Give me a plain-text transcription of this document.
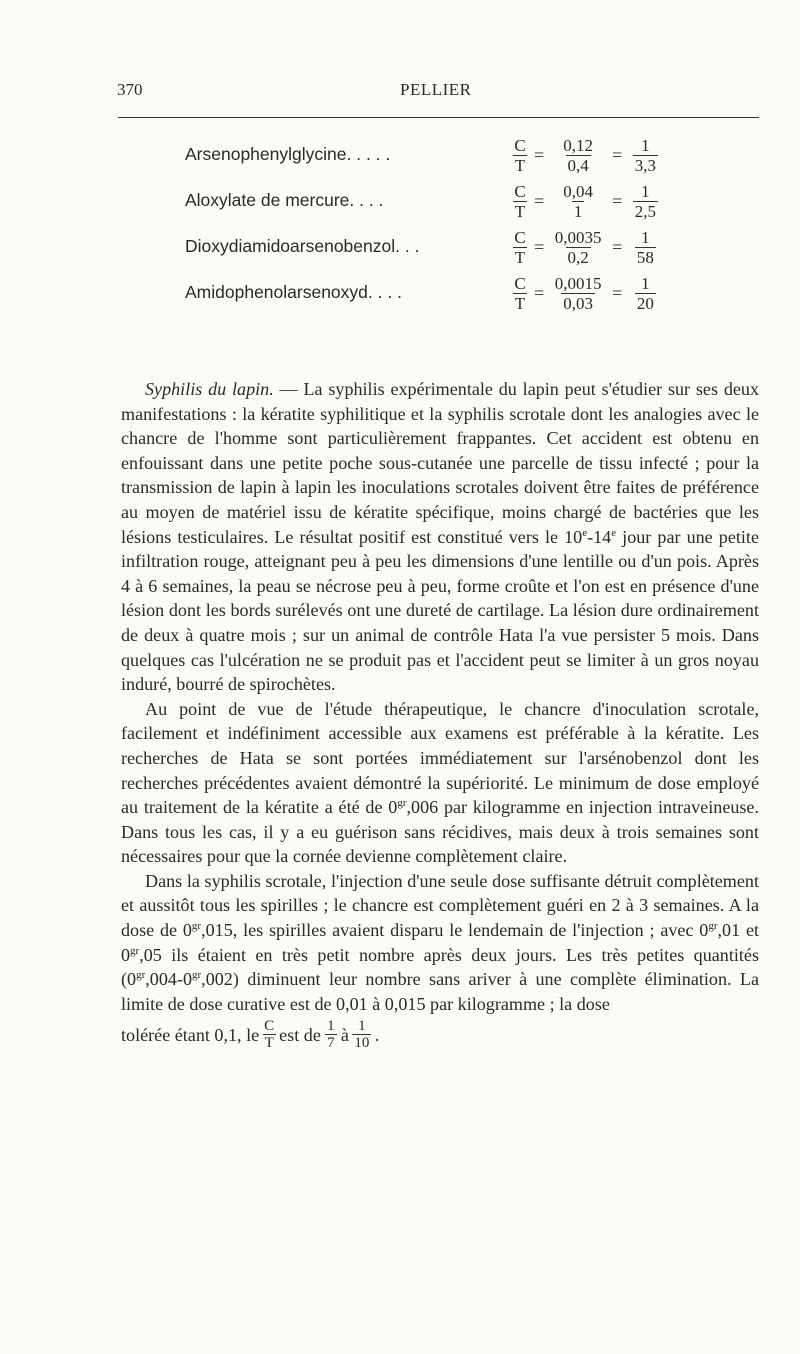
370	PELLIER
Arsenophenylglycine. . . . .	$\frac{C}{T} = \frac{0,12}{0,4} = \frac{1}{3,3}$
Aloxylate de mercure. . . .	$\frac{C}{T} = \frac{0,04}{1} = \frac{1}{2,5}$
Dioxydiamidoarsenobenzol. . .	$\frac{C}{T} = \frac{0,0035}{0,2} = \frac{1}{58}$
Amidophenolarsenoxyd. . . .	$\frac{C}{T} = \frac{0,0015}{0,03} = \frac{1}{20}$

Syphilis du lapin. — La syphilis expérimentale du lapin peut s'étudier sur ses deux manifestations : la kératite syphilitique et la syphilis scrotale dont les analogies avec le chancre de l'homme sont particulièrement frappantes. Cet accident est obtenu en enfouissant dans une petite poche sous-cutanée une parcelle de tissu infecté ; pour la transmission de lapin à lapin les inoculations scrotales doivent être faites de préférence au moyen de matériel issu de kératite spécifique, moins chargé de bactéries que les lésions testiculaires. Le résultat positif est constitué vers le 10e-14e jour par une petite infiltration rouge, atteignant peu à peu les dimensions d'une lentille ou d'un pois. Après 4 à 6 semaines, la peau se nécrose peu à peu, forme croûte et l'on est en présence d'une lésion dont les bords surélevés ont une dureté de cartilage. La lésion dure ordinairement de deux à quatre mois ; sur un animal de contrôle Hata l'a vue persister 5 mois. Dans quelques cas l'ulcération ne se produit pas et l'accident peut se limiter à un gros noyau induré, bourré de spirochètes.

Au point de vue de l'étude thérapeutique, le chancre d'inoculation scrotale, facilement et indéfiniment accessible aux examens est préférable à la kératite. Les recherches de Hata se sont portées immédiatement sur l'arsénobenzol dont les recherches précédentes avaient démontré la supériorité. Le minimum de dose employé au traitement de la kératite a été de $0^{gr},006$ par kilogramme en injection intraveineuse. Dans tous les cas, il y a eu guérison sans récidives, mais deux à trois semaines sont nécessaires pour que la cornée devienne complètement claire.

Dans la syphilis scrotale, l'injection d'une seule dose suffisante détruit complètement et aussitôt tous les spirilles ; le chancre est complètement guéri en 2 à 3 semaines. A la dose de $0^{gr},015$, les spirilles avaient disparu le lendemain de l'injection ; avec $0^{gr},01$ et $0^{gr},05$ ils étaient en très petit nombre après deux jours. Les très petites quantités $(0^{gr},004-0^{gr},002)$ diminuent leur nombre sans ariver à une complète élimination. La limite de dose curative est de 0,01 à 0,015 par kilogramme ; la dose

tolérée étant 0,1, le $\frac{C}{T}$ est de $\frac{1}{7}$ à $\frac{1}{10}$ .
